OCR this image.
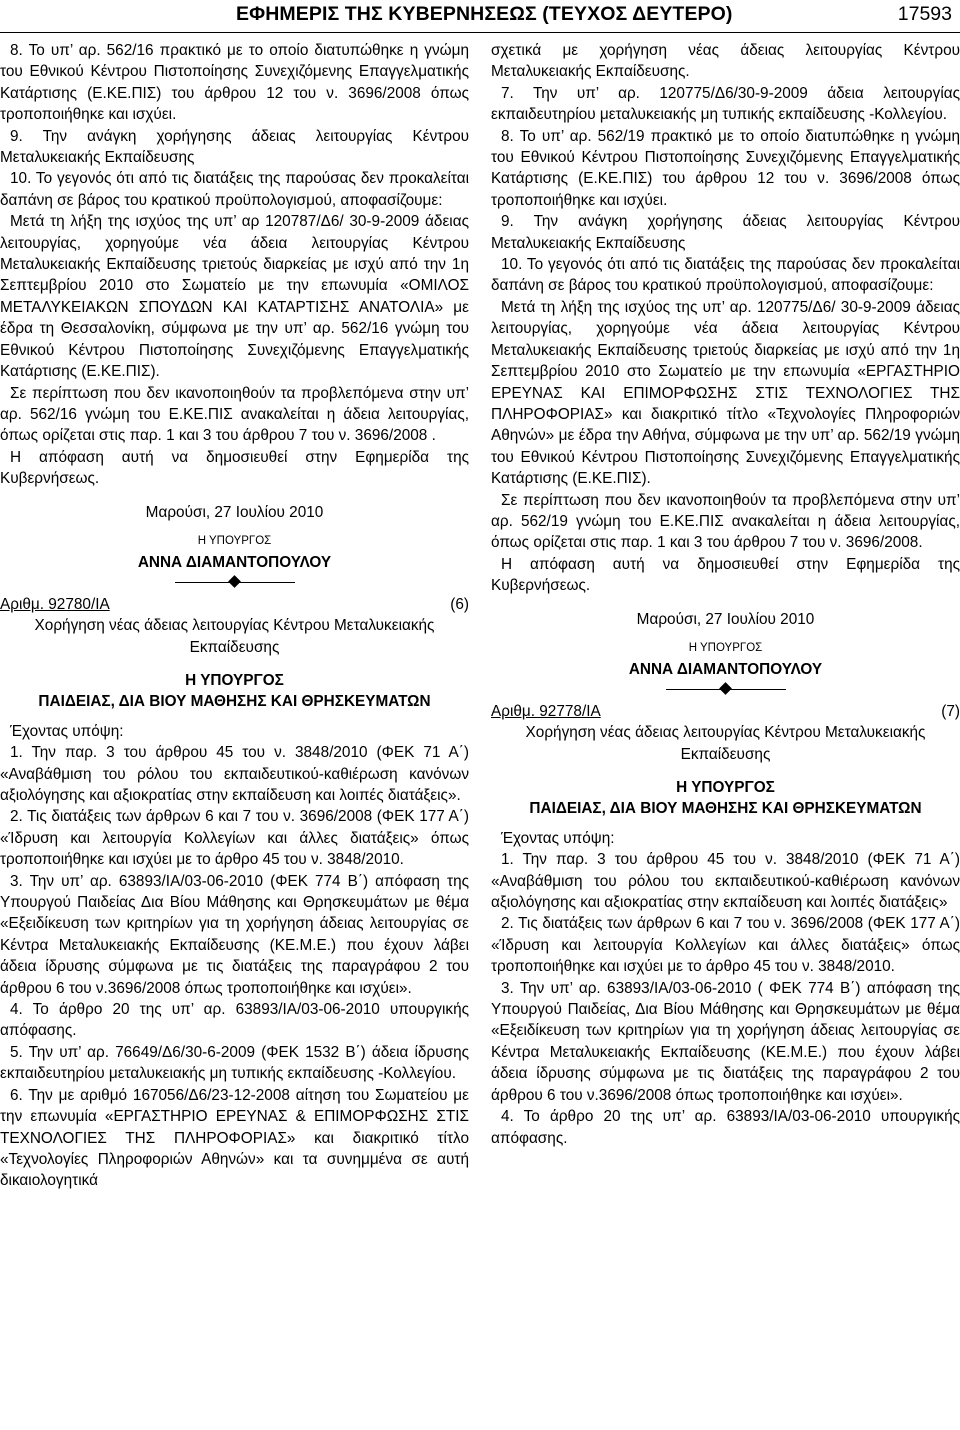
ΕΦΗΜΕΡΙΣ ΤΗΣ ΚΥΒΕΡΝΗΣΕΩΣ (ΤΕΥΧΟΣ ΔΕΥΤΕΡΟ)	17593

8. Το υπ’ αρ. 562/16 πρακτικό με το οποίο διατυπώθηκε η γνώμη του Εθνικού Κέντρου Πιστοποίησης Συνεχιζόμενης Επαγγελματικής Κατάρτισης (Ε.ΚΕ.ΠΙΣ) του άρθρου 12 του ν. 3696/2008 όπως τροποποιήθηκε και ισχύει.

9. Την ανάγκη χορήγησης άδειας λειτουργίας Κέντρου Μεταλυκειακής Εκπαίδευσης

10. Το γεγονός ότι από τις διατάξεις της παρούσας δεν προκαλείται δαπάνη σε βάρος του κρατικού προϋπολογισμού, αποφασίζουμε:

Μετά τη λήξη της ισχύος της υπ’ αρ 120787/Δ6/ 30-9-2009 άδειας λειτουργίας, χορηγούμε νέα άδεια λειτουργίας Κέντρου Μεταλυκειακής Εκπαίδευσης τριετούς διαρκείας με ισχύ από την 1η Σεπτεμβρίου 2010 στο Σωματείο με την επωνυμία «ΟΜΙΛΟΣ ΜΕΤΑΛΥΚΕΙΑΚΩΝ ΣΠΟΥΔΩΝ ΚΑΙ ΚΑΤΑΡΤΙΣΗΣ ΑΝΑΤΟΛΙΑ» με έδρα τη Θεσσαλονίκη, σύμφωνα με την υπ’ αρ. 562/16 γνώμη του Εθνικού Κέντρου Πιστοποίησης Συνεχιζόμενης Επαγγελματικής Κατάρτισης (Ε.ΚΕ.ΠΙΣ).

Σε περίπτωση που δεν ικανοποιηθούν τα προβλεπόμενα στην υπ’ αρ. 562/16 γνώμη του Ε.ΚΕ.ΠΙΣ ανακαλείται η άδεια λειτουργίας, όπως ορίζεται στις παρ. 1 και 3 του άρθρου 7 του ν. 3696/2008 .

Η απόφαση αυτή να δημοσιευθεί στην Εφημερίδα της Κυβερνήσεως.

Μαρούσι, 27 Ιουλίου 2010

Η ΥΠΟΥΡΓΟΣ

ΑΝΝΑ ΔΙΑΜΑΝΤΟΠΟΥΛΟΥ

Αριθμ. 92780/ΙΑ	(6)

Χορήγηση νέας άδειας λειτουργίας Κέντρου Μεταλυκειακής Εκπαίδευσης

Η ΥΠΟΥΡΓΟΣ

ΠΑΙΔΕΙΑΣ, ΔΙΑ ΒΙΟΥ ΜΑΘΗΣΗΣ ΚΑΙ ΘΡΗΣΚΕΥΜΑΤΩΝ

Έχοντας υπόψη:

1. Την παρ. 3 του άρθρου 45 του ν. 3848/2010 (ΦΕΚ 71 Α΄) «Αναβάθμιση του ρόλου του εκπαιδευτικού-καθιέρωση κανόνων αξιολόγησης και αξιοκρατίας στην εκπαίδευση και λοιπές διατάξεις».

2. Τις διατάξεις των άρθρων 6 και 7 του ν. 3696/2008 (ΦΕΚ 177 Α΄) «Ίδρυση και λειτουργία Κολλεγίων και άλλες διατάξεις» όπως τροποποιήθηκε και ισχύει με το άρθρο 45 του ν. 3848/2010.

3. Την υπ’ αρ. 63893/ΙΑ/03-06-2010 (ΦΕΚ 774 Β΄) απόφαση της Υπουργού Παιδείας Δια Βίου Μάθησης και Θρησκευμάτων με θέμα «Εξειδίκευση των κριτηρίων για τη χορήγηση άδειας λειτουργίας σε Κέντρα Μεταλυκειακής Εκπαίδευσης (ΚΕ.Μ.Ε.) που έχουν λάβει άδεια ίδρυσης σύμφωνα με τις διατάξεις της παραγράφου 2 του άρθρου 6 του ν.3696/2008 όπως τροποποιήθηκε και ισχύει».

4. Το άρθρο 20 της υπ’ αρ. 63893/ΙΑ/03-06-2010 υπουργικής απόφασης.

5. Την υπ’ αρ. 76649/Δ6/30-6-2009 (ΦΕΚ 1532 Β΄) άδεια ίδρυσης εκπαιδευτηρίου μεταλυκειακής μη τυπικής εκπαίδευσης -Κολλεγίου.

6. Την με αριθμό 167056/Δ6/23-12-2008 αίτηση του Σωματείου με την επωνυμία «ΕΡΓΑΣΤΗΡΙΟ ΕΡΕΥΝΑΣ & ΕΠΙΜΟΡΦΩΣΗΣ ΣΤΙΣ ΤΕΧΝΟΛΟΓΙΕΣ ΤΗΣ ΠΛΗΡΟΦΟΡΙΑΣ» και διακριτικό τίτλο «Τεχνολογίες Πληροφοριών Αθηνών» και τα συνημμένα σε αυτή δικαιολογητικά

σχετικά με χορήγηση νέας άδειας λειτουργίας Κέντρου Μεταλυκειακής Εκπαίδευσης.

7. Την υπ’ αρ. 120775/Δ6/30-9-2009 άδεια λειτουργίας εκπαιδευτηρίου μεταλυκειακής μη τυπικής εκπαίδευσης -Κολλεγίου.

8. Το υπ’ αρ. 562/19 πρακτικό με το οποίο διατυπώθηκε η γνώμη του Εθνικού Κέντρου Πιστοποίησης Συνεχιζόμενης Επαγγελματικής Κατάρτισης (Ε.ΚΕ.ΠΙΣ) του άρθρου 12 του ν. 3696/2008 όπως τροποποιήθηκε και ισχύει.

9. Την ανάγκη χορήγησης άδειας λειτουργίας Κέντρου Μεταλυκειακής Εκπαίδευσης

10. Το γεγονός ότι από τις διατάξεις της παρούσας δεν προκαλείται δαπάνη σε βάρος του κρατικού προϋπολογισμού, αποφασίζουμε:

Μετά τη λήξη της ισχύος της υπ’ αρ. 120775/Δ6/ 30-9-2009 άδειας λειτουργίας, χορηγούμε νέα άδεια λειτουργίας Κέντρου Μεταλυκειακής Εκπαίδευσης τριετούς διαρκείας με ισχύ από την 1η Σεπτεμβρίου 2010 στο Σωματείο με την επωνυμία «ΕΡΓΑΣΤΗΡΙΟ ΕΡΕΥΝΑΣ ΚΑΙ ΕΠΙΜΟΡΦΩΣΗΣ ΣΤΙΣ ΤΕΧΝΟΛΟΓΙΕΣ ΤΗΣ ΠΛΗΡΟΦΟΡΙΑΣ» και διακριτικό τίτλο «Τεχνολογίες Πληροφοριών Αθηνών» με έδρα την Αθήνα, σύμφωνα με την υπ’ αρ. 562/19 γνώμη του Εθνικού Κέντρου Πιστοποίησης Συνεχιζόμενης Επαγγελματικής Κατάρτισης (Ε.ΚΕ.ΠΙΣ).

Σε περίπτωση που δεν ικανοποιηθούν τα προβλεπόμενα στην υπ’ αρ. 562/19 γνώμη του Ε.ΚΕ.ΠΙΣ ανακαλείται η άδεια λειτουργίας, όπως ορίζεται στις παρ. 1 και 3 του άρθρου 7 του ν. 3696/2008.

Η απόφαση αυτή να δημοσιευθεί στην Εφημερίδα της Κυβερνήσεως.

Μαρούσι, 27 Ιουλίου 2010

Η ΥΠΟΥΡΓΟΣ

ΑΝΝΑ ΔΙΑΜΑΝΤΟΠΟΥΛΟΥ

Αριθμ. 92778/ΙΑ	(7)

Χορήγηση νέας άδειας λειτουργίας Κέντρου Μεταλυκειακής Εκπαίδευσης

Η ΥΠΟΥΡΓΟΣ

ΠΑΙΔΕΙΑΣ, ΔΙΑ ΒΙΟΥ ΜΑΘΗΣΗΣ ΚΑΙ ΘΡΗΣΚΕΥΜΑΤΩΝ

Έχοντας υπόψη:

1. Την παρ. 3 του άρθρου 45 του ν. 3848/2010 (ΦΕΚ 71 Α΄) «Αναβάθμιση του ρόλου του εκπαιδευτικού-καθιέρωση κανόνων αξιολόγησης και αξιοκρατίας στην εκπαίδευση και λοιπές διατάξεις»

2. Τις διατάξεις των άρθρων 6 και 7 του ν. 3696/2008 (ΦΕΚ 177 Α΄) «Ίδρυση και λειτουργία Κολλεγίων και άλλες διατάξεις» όπως τροποποιήθηκε και ισχύει με το άρθρο 45 του ν. 3848/2010.

3. Την υπ’ αρ. 63893/ΙΑ/03-06-2010 ( ΦΕΚ 774 Β΄) απόφαση της Υπουργού Παιδείας, Δια Βίου Μάθησης και Θρησκευμάτων με θέμα «Εξειδίκευση των κριτηρίων για τη χορήγηση άδειας λειτουργίας σε Κέντρα Μεταλυκειακής Εκπαίδευσης (ΚΕ.Μ.Ε.) που έχουν λάβει άδεια ίδρυσης σύμφωνα με τις διατάξεις της παραγράφου 2 του άρθρου 6 του ν.3696/2008 όπως τροποποιήθηκε και ισχύει».

4. Το άρθρο 20 της υπ’ αρ. 63893/ΙΑ/03-06-2010 υπουργικής απόφασης.
